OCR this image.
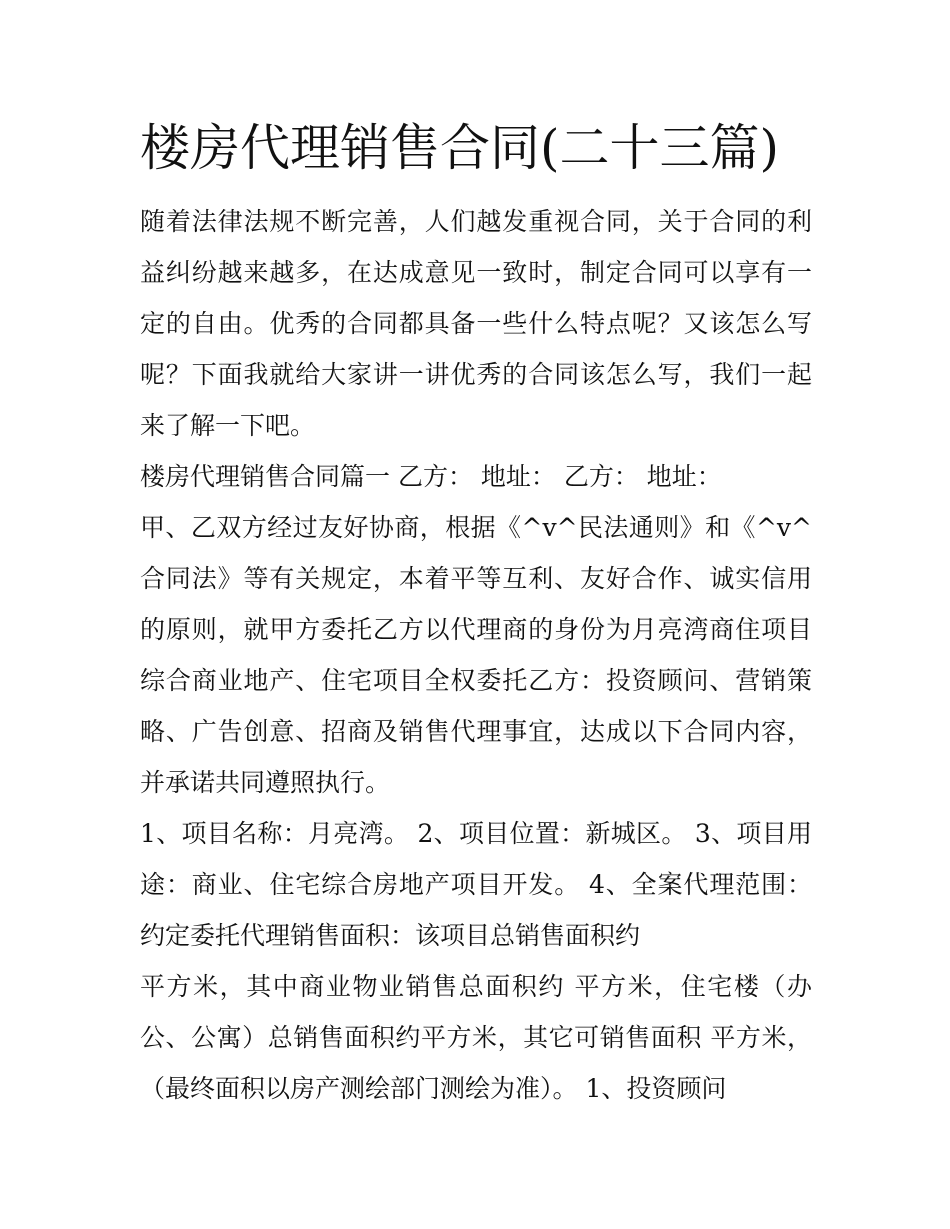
楼房代理销售合同(二十三篇)

随着法律法规不断完善，人们越发重视合同，关于合同的利益纠纷越来越多，在达成意见一致时，制定合同可以享有一定的自由。优秀的合同都具备一些什么特点呢？又该怎么写呢？下面我就给大家讲一讲优秀的合同该怎么写，我们一起来了解一下吧。

楼房代理销售合同篇一 乙方： 地址： 乙方： 地址：

甲、乙双方经过友好协商，根据《^v^民法通则》和《^v^合同法》等有关规定，本着平等互利、友好合作、诚实信用的原则，就甲方委托乙方以代理商的身份为月亮湾商住项目综合商业地产、住宅项目全权委托乙方：投资顾问、营销策略、广告创意、招商及销售代理事宜，达成以下合同内容，并承诺共同遵照执行。

1、项目名称：月亮湾。 2、项目位置：新城区。 3、项目用途：商业、住宅综合房地产项目开发。 4、全案代理范围：约定委托代理销售面积：该项目总销售面积约

平方米，其中商业物业销售总面积约 平方米，住宅楼（办公、公寓）总销售面积约平方米，其它可销售面积 平方米，（最终面积以房产测绘部门测绘为准）。 1、投资顾问
